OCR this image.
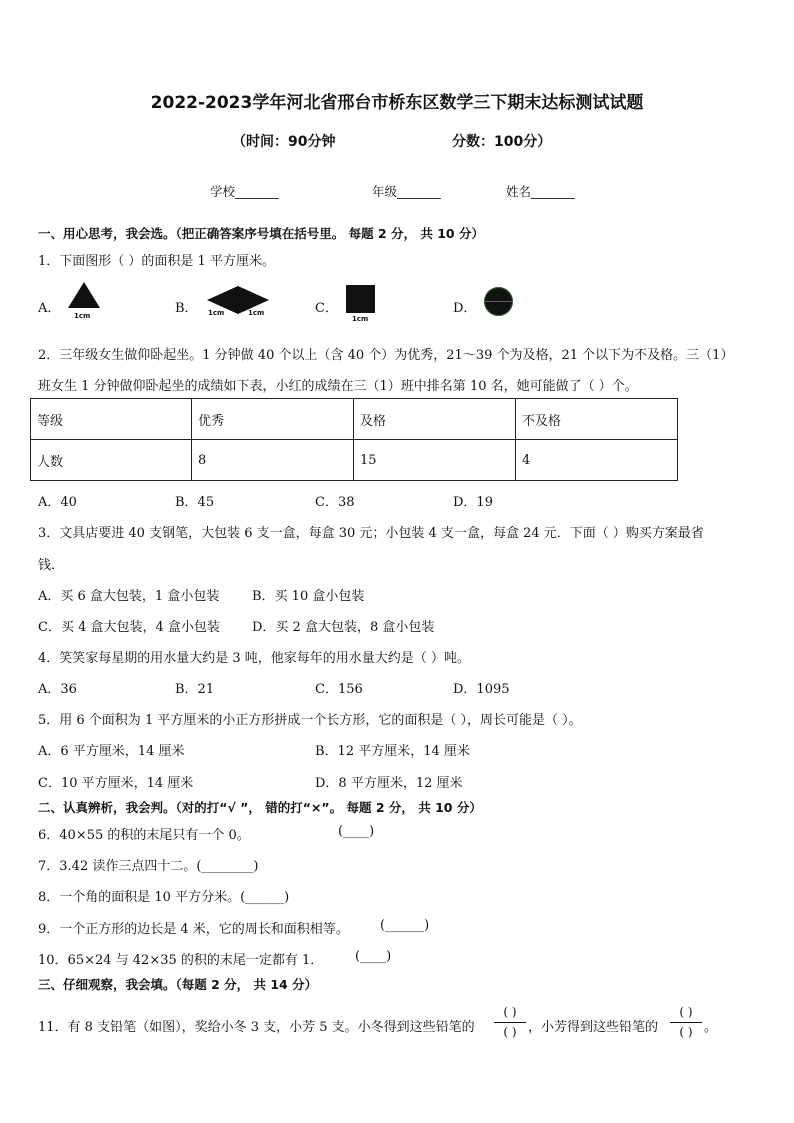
2022-2023学年河北省邢台市桥东区数学三下期末达标测试试题
（时间：90分钟	分数：100分）
学校_______	年级_______	姓名_______
一、用心思考，我会选。（把正确答案序号填在括号里。 每题 2 分， 共 10 分）
1．下面图形（ ）的面积是 1 平方厘米。
A． 1cm	B． 1cm	1cm	C．
1cm
D．
2．三年级女生做仰卧起坐。1 分钟做 40 个以上（含 40 个）为优秀，21～39 个为及格，21 个以下为不及格。三（1）
班女生 1 分钟做仰卧起坐的成绩如下表，小红的成绩在三（1）班中排名第 10 名，她可能做了（ ）个。
等级	优秀	及格	不及格
人数	8	15	4
A．40	B．45	C．38	D．19
3．文具店要进 40 支钢笔，大包装 6 支一盒，每盒 30 元；小包装 4 支一盒，每盒 24 元．下面（ ）购买方案最省
钱．
A．买 6 盒大包装，1 盒小包装	B．买 10 盒小包装
C．买 4 盒大包装，4 盒小包装 D．买 2 盒大包装，8 盒小包装
4．笑笑家每星期的用水量大约是 3 吨，他家每年的用水量大约是（ ）吨。
A．36	B．21	C．156	D．1095
5．用 6 个面积为 1 平方厘米的小正方形拼成一个长方形，它的面积是（ ），周长可能是（ ）。
A．6 平方厘米，14 厘米	B．12 平方厘米，14 厘米
C．10 平方厘米，14 厘米	D．8 平方厘米，12 厘米
二、认真辨析，我会判。（对的打“√ ”， 错的打“×”。 每题 2 分， 共 10 分）
6．40×55 的积的末尾只有一个 0。	(____)
7．3.42 读作三点四十二。(________)
8．一个角的面积是 10 平方分米。(______)
9．一个正方形的边长是 4 米，它的周长和面积相等。 (______)
10．65×24 与 42×35 的积的末尾一定都有 1． (____)
三、仔细观察，我会填。（每题 2 分， 共 14 分）
11．有 8 支铅笔（如图），奖给小冬 3 支，小芳 5 支。小冬得到这些铅笔的
( )
( ) ，小芳得到这些铅笔的
( )
( ) 。
